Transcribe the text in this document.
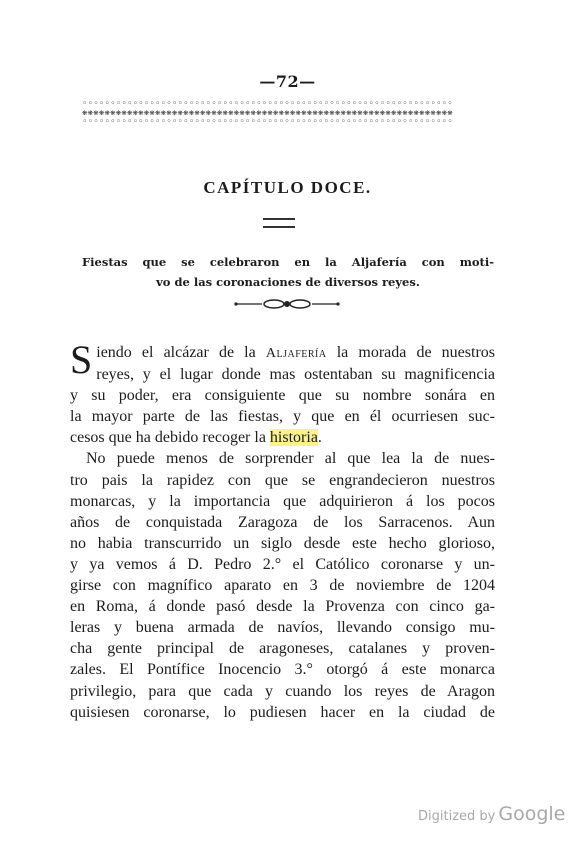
—72—
◦◦◦◦◦◦◦◦◦◦◦◦◦◦◦◦◦◦◦◦◦◦◦◦◦◦◦◦◦◦◦◦◦◦◦◦◦◦◦◦◦◦◦◦◦◦◦◦◦◦◦◦◦◦◦◦◦◦◦◦◦◦◦◦◦◦
❋❋❋❋❋❋❋❋❋❋❋❋❋❋❋❋❋❋❋❋❋❋❋❋❋❋❋❋❋❋❋❋❋❋❋❋❋❋❋❋❋❋❋❋❋❋❋❋❋❋❋❋❋❋❋❋❋❋❋❋❋❋❋❋❋❋
◦◦◦◦◦◦◦◦◦◦◦◦◦◦◦◦◦◦◦◦◦◦◦◦◦◦◦◦◦◦◦◦◦◦◦◦◦◦◦◦◦◦◦◦◦◦◦◦◦◦◦◦◦◦◦◦◦◦◦◦◦◦◦◦◦◦
CAPÍTULO DOCE.
Fiestas que se celebraron en la Aljafería con moti-
vo de las coronaciones de diversos reyes.
S iendo el alcázar de la Aljafería la morada de nuestros
reyes, y el lugar donde mas ostentaban su magnificencia
y su poder, era consiguiente que su nombre sonára en
la mayor parte de las fiestas, y que en él ocurriesen suc-
cesos que ha debido recoger la historia.
No puede menos de sorprender al que lea la de nues-
tro pais la rapidez con que se engrandecieron nuestros
monarcas, y la importancia que adquirieron á los pocos
años de conquistada Zaragoza de los Sarracenos. Aun
no habia transcurrido un siglo desde este hecho glorioso,
y ya vemos á D. Pedro 2.° el Católico coronarse y un-
girse con magnífico aparato en 3 de noviembre de 1204
en Roma, á donde pasó desde la Provenza con cinco ga-
leras y buena armada de navíos, llevando consigo mu-
cha gente principal de aragoneses, catalanes y proven-
zales. El Pontífice Inocencio 3.° otorgó á este monarca
privilegio, para que cada y cuando los reyes de Aragon
quisiesen coronarse, lo pudiesen hacer en la ciudad de
Digitized by Google
